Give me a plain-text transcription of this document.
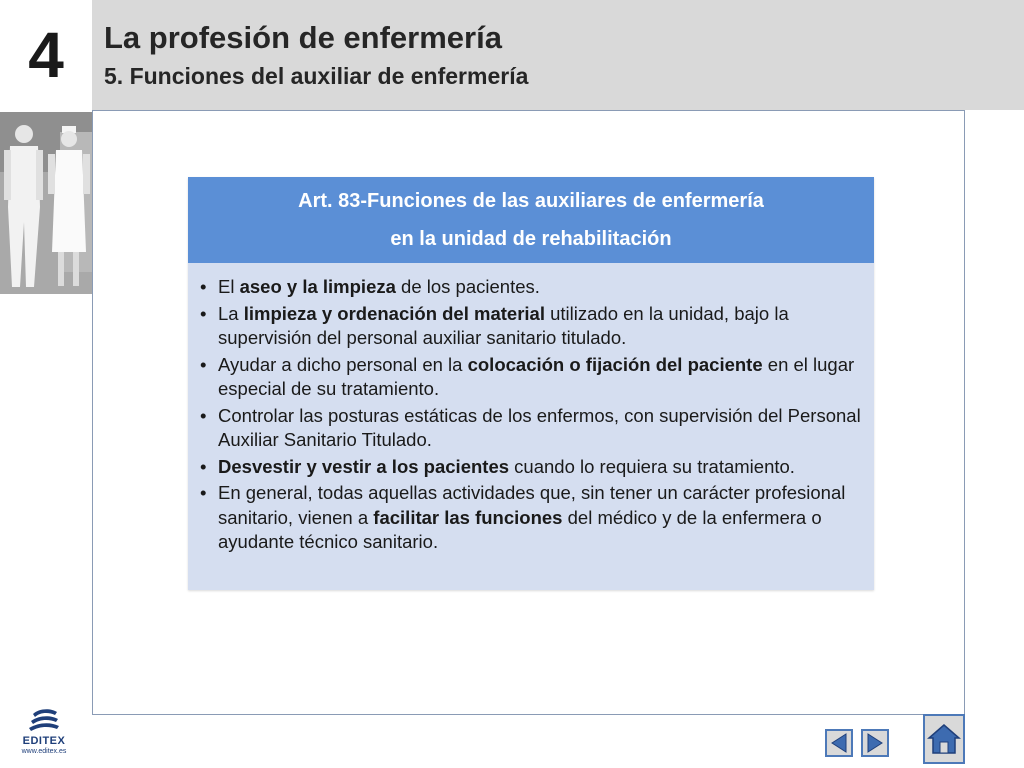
4	La profesión de enfermería
5. Funciones del auxiliar de enfermería
Art. 83-Funciones de las auxiliares de enfermería
en la unidad de rehabilitación
• El aseo y la limpieza de los pacientes.
• La limpieza y ordenación del material utilizado en la unidad, bajo la supervisión del personal auxiliar sanitario titulado.
• Ayudar a dicho personal en la colocación o fijación del paciente en el lugar especial de su tratamiento.
• Controlar las posturas estáticas de los enfermos, con supervisión del Personal Auxiliar Sanitario Titulado.
• Desvestir y vestir a los pacientes cuando lo requiera su tratamiento.
• En general, todas aquellas actividades que, sin tener un carácter profesional sanitario, vienen a facilitar las funciones del médico y de la enfermera o ayudante técnico sanitario.
EDITEX
www.editex.es
